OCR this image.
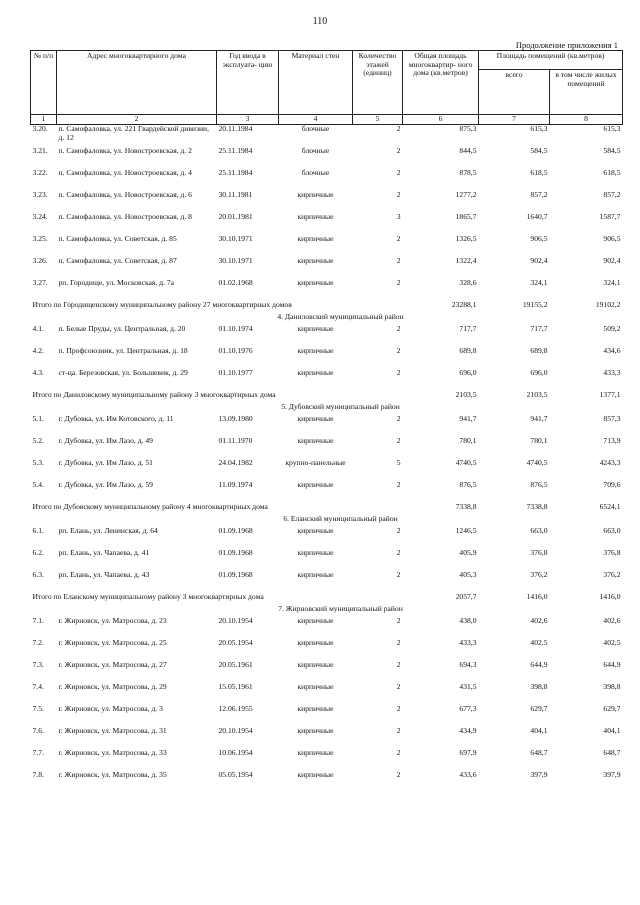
110
Продолжение приложения 1
№ п/п	Адрес многоквартирного дома	Год ввода в эксплуата- цию	Материал стен	Количество этажей (единиц)	Общая площадь многоквартир- ного дома (кв.метров)	Площадь помещений (кв.метров)	
						всего	в том числе жилых помещений
1	2	3	4	5	6	7	8
3.20.	п. Самофаловка, ул. 221 Гвардейской дивизии, д. 12	20.11.1984	блочные	2	875,3	615,3	615,3
3.21.	п. Самофаловка, ул. Новостроевская, д. 2	25.11.1984	блочные	2	844,5	584,5	584,5
3.22.	п. Самофаловка, ул. Новостроевская, д. 4	25.11.1984	блочные	2	878,5	618,5	618,5
3.23.	п. Самофаловка, ул. Новостроевская, д. 6	30.11.1981	кирпичные	2	1277,2	857,2	857,2
3.24.	п. Самофаловка, ул. Новостроевская, д. 8	20.01.1981	кирпичные	3	1865,7	1640,7	1587,7
3.25.	п. Самофаловка, ул. Советская, д. 85	30.10.1971	кирпичные	2	1326,5	906,5	906,5
3.26.	п. Самофаловка, ул. Советская, д. 87	30.10.1971	кирпичные	2	1322,4	902,4	902,4
3.27.	рп. Городище, ул. Московская, д. 7а	01.02.1968	кирпичные	2	328,6	324,1	324,1
Итого по Городищенскому муниципальному району 27 многоквартирных домов					23288,1	19155,2	19102,2
4. Даниловский муниципальный район							
4.1.	п. Белые Пруды, ул. Центральная, д. 20	01.10.1974	кирпичные	2	717,7	717,7	509,2
4.2.	п. Профсоюзник, ул. Центральная, д. 18	01.10.1976	кирпичные	2	689,8	689,8	434,6
4.3.	ст-ца. Березовская, ул. Большевик, д. 29	01.10.1977	кирпичные	2	696,0	696,0	433,3
Итого по Даниловскому муниципальному району 3 многоквартирных дома					2103,5	2103,5	1377,1
5. Дубовский муниципальный район							
5.1.	г. Дубовка, ул. Им Котовского, д. 11	13.09.1980	кирпичные	2	941,7	941,7	857,3
5.2.	г. Дубовка, ул. Им Лазо, д. 49	01.11.1970	кирпичные	2	780,1	780,1	713,9
5.3.	г. Дубовка, ул. Им Лазо, д. 51	24.04.1982	крупно-панельные	5	4740,5	4740,5	4243,3
5.4.	г. Дубовка, ул. Им Лазо, д. 59	11.09.1974	кирпичные	2	876,5	876,5	709,6
Итого по Дубовскому муниципальному району 4 многоквартирных дома					7338,8	7338,8	6524,1
6. Еланский муниципальный район							
6.1.	рп. Елань, ул. Ленинская, д. 64	01.09.1968	кирпичные	2	1246,5	663,0	663,0
6.2.	рп. Елань, ул. Чапаева, д. 41	01.09.1968	кирпичные	2	405,9	376,8	376,8
6.3.	рп. Елань, ул. Чапаева, д. 43	01.09.1968	кирпичные	2	405,3	376,2	376,2
Итого по Еланскому муниципальному району 3 многоквартирных дома					2057,7	1416,0	1416,0
7. Жирновский муниципальный район							
7.1.	г. Жирновск, ул. Матросова, д. 23	20.10.1954	кирпичные	2	438,0	402,6	402,6
7.2.	г. Жирновск, ул. Матросова, д. 25	20.05.1954	кирпичные	2	433,3	402,5	402,5
7.3.	г. Жирновск, ул. Матросова, д. 27	20.05.1961	кирпичные	2	694,3	644,9	644,9
7.4.	г. Жирновск, ул. Матросова, д. 29	15.05.1961	кирпичные	2	431,5	398,8	398,8
7.5.	г. Жирновск, ул. Матросова, д. 3	12.06.1955	кирпичные	2	677,3	629,7	629,7
7.6.	г. Жирновск, ул. Матросова, д. 31	20.10.1954	кирпичные	2	434,9	404,1	404,1
7.7.	г. Жирновск, ул. Матросова, д. 33	10.06.1954	кирпичные	2	697,9	648,7	648,7
7.8.	г. Жирновск, ул. Матросова, д. 35	05.05.1954	кирпичные	2	433,6	397,9	397,9
